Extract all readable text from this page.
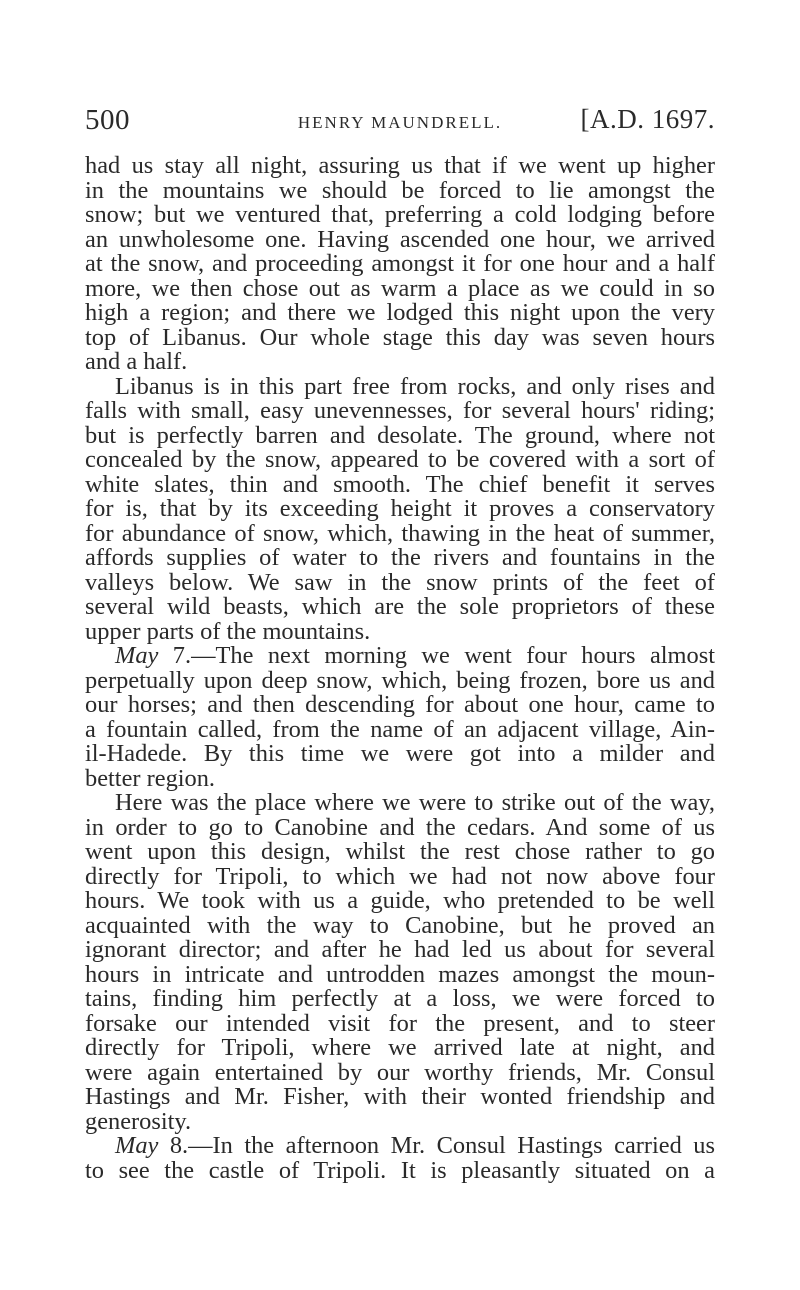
500	HENRY MAUNDRELL.	[A.D. 1697.
had us stay all night, assuring us that if we went up higher
in the mountains we should be forced to lie amongst the
snow; but we ventured that, preferring a cold lodging before
an unwholesome one. Having ascended one hour, we arrived
at the snow, and proceeding amongst it for one hour and a half
more, we then chose out as warm a place as we could in so
high a region; and there we lodged this night upon the very
top of Libanus. Our whole stage this day was seven hours
and a half.
Libanus is in this part free from rocks, and only rises and
falls with small, easy unevennesses, for several hours' riding;
but is perfectly barren and desolate. The ground, where not
concealed by the snow, appeared to be covered with a sort of
white slates, thin and smooth. The chief benefit it serves
for is, that by its exceeding height it proves a conservatory
for abundance of snow, which, thawing in the heat of summer,
affords supplies of water to the rivers and fountains in the
valleys below. We saw in the snow prints of the feet of
several wild beasts, which are the sole proprietors of these
upper parts of the mountains.
May 7.—The next morning we went four hours almost
perpetually upon deep snow, which, being frozen, bore us and
our horses; and then descending for about one hour, came to
a fountain called, from the name of an adjacent village, Ain-
il-Hadede. By this time we were got into a milder and
better region.
Here was the place where we were to strike out of the way,
in order to go to Canobine and the cedars. And some of us
went upon this design, whilst the rest chose rather to go
directly for Tripoli, to which we had not now above four
hours. We took with us a guide, who pretended to be well
acquainted with the way to Canobine, but he proved an
ignorant director; and after he had led us about for several
hours in intricate and untrodden mazes amongst the moun-
tains, finding him perfectly at a loss, we were forced to
forsake our intended visit for the present, and to steer
directly for Tripoli, where we arrived late at night, and
were again entertained by our worthy friends, Mr. Consul
Hastings and Mr. Fisher, with their wonted friendship and
generosity.
May 8.—In the afternoon Mr. Consul Hastings carried us
to see the castle of Tripoli. It is pleasantly situated on a
